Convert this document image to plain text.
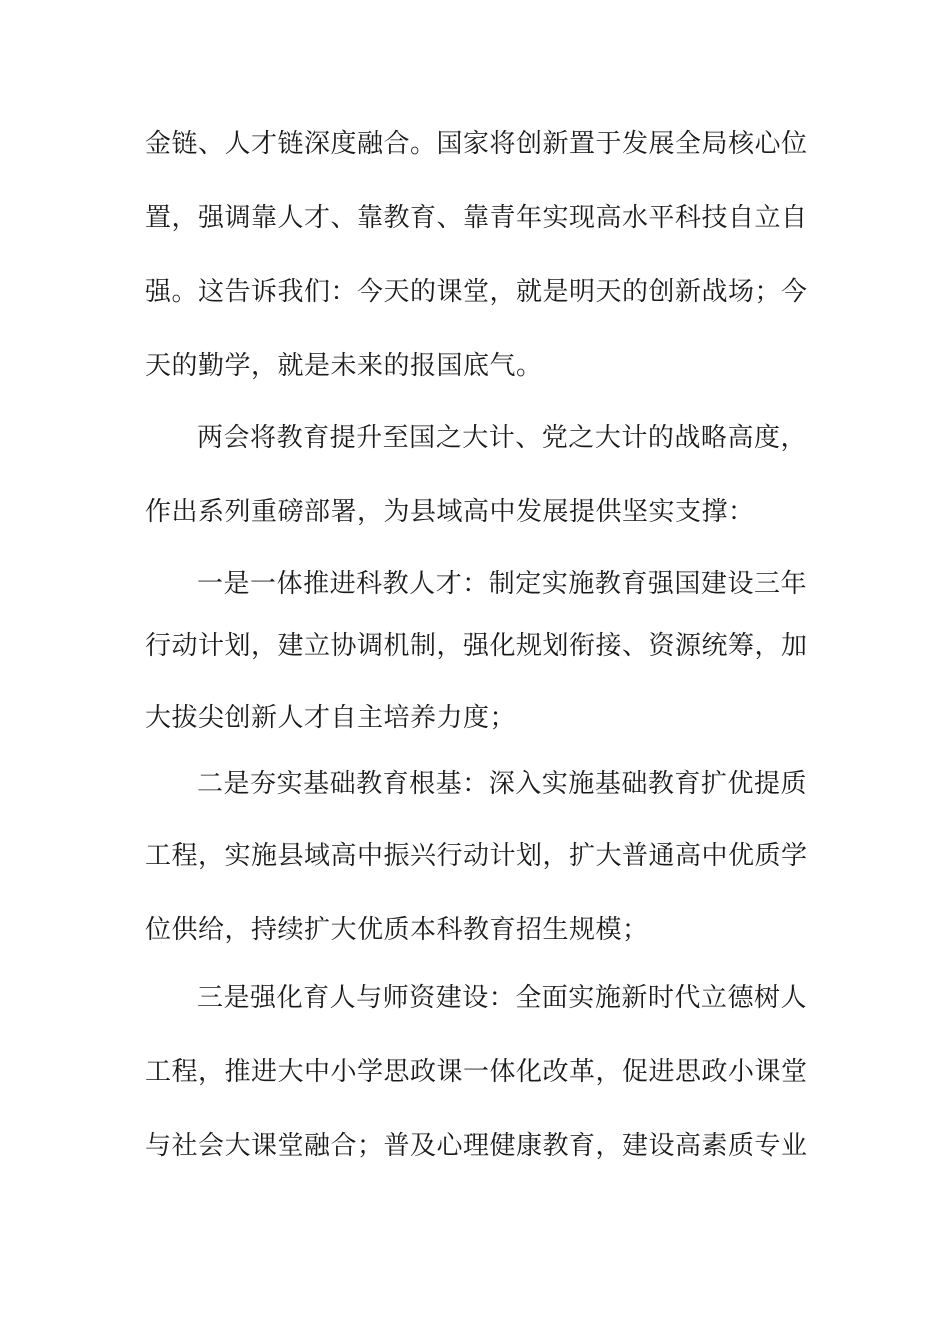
金链、人才链深度融合。国家将创新置于发展全局核心位
置，强调靠人才、靠教育、靠青年实现高水平科技自立自
强。这告诉我们：今天的课堂，就是明天的创新战场；今
天的勤学，就是未来的报国底气。
两会将教育提升至国之大计、党之大计的战略高度，
作出系列重磅部署，为县域高中发展提供坚实支撑：
一是一体推进科教人才：制定实施教育强国建设三年
行动计划，建立协调机制，强化规划衔接、资源统筹，加
大拔尖创新人才自主培养力度；
二是夯实基础教育根基：深入实施基础教育扩优提质
工程，实施县域高中振兴行动计划，扩大普通高中优质学
位供给，持续扩大优质本科教育招生规模；
三是强化育人与师资建设：全面实施新时代立德树人
工程，推进大中小学思政课一体化改革，促进思政小课堂
与社会大课堂融合；普及心理健康教育，建设高素质专业
